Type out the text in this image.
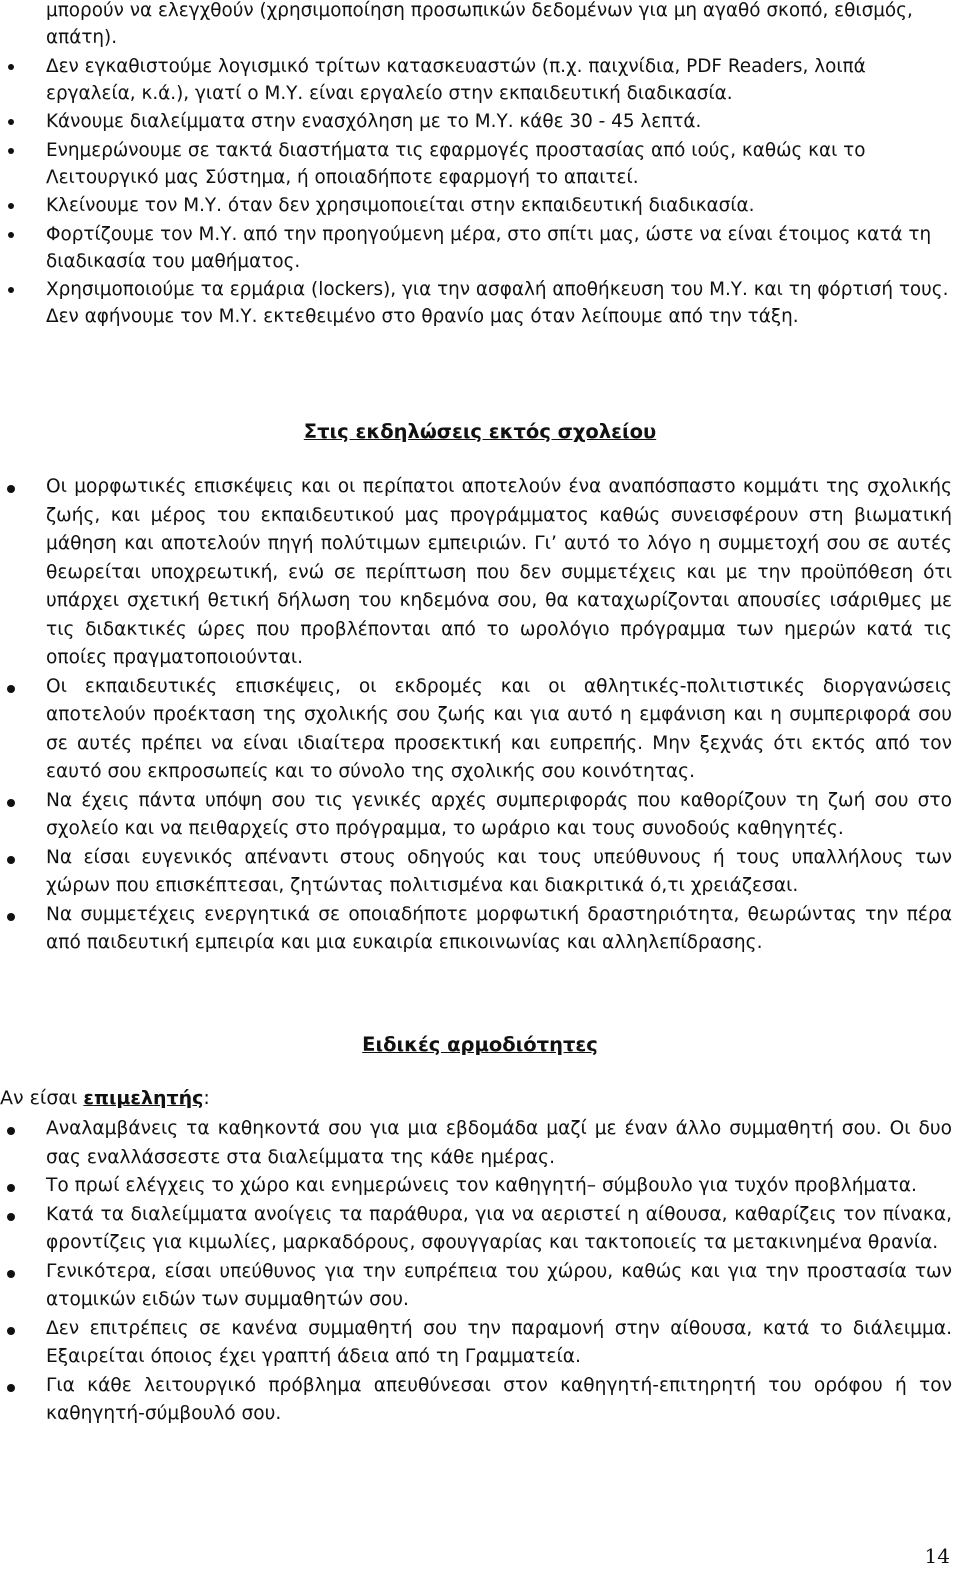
μπορούν να ελεγχθούν (χρησιμοποίηση προσωπικών δεδομένων για μη αγαθό σκοπό, εθισμός, απάτη).
Δεν εγκαθιστούμε λογισμικό τρίτων κατασκευαστών (π.χ. παιχνίδια, PDF Readers, λοιπά εργαλεία, κ.ά.), γιατί ο Μ.Υ. είναι εργαλείο στην εκπαιδευτική διαδικασία.
Κάνουμε διαλείμματα στην ενασχόληση με το Μ.Υ. κάθε 30 - 45 λεπτά.
Ενημερώνουμε σε τακτά διαστήματα τις εφαρμογές προστασίας από ιούς, καθώς και το Λειτουργικό μας Σύστημα, ή οποιαδήποτε εφαρμογή το απαιτεί.
Κλείνουμε τον Μ.Υ. όταν δεν χρησιμοποιείται στην εκπαιδευτική διαδικασία.
Φορτίζουμε τον Μ.Υ. από την προηγούμενη μέρα, στο σπίτι μας, ώστε να είναι έτοιμος κατά τη διαδικασία του μαθήματος.
Χρησιμοποιούμε τα ερμάρια (lockers), για την ασφαλή αποθήκευση του Μ.Υ. και τη φόρτισή τους. Δεν αφήνουμε τον Μ.Υ. εκτεθειμένο στο θρανίο μας όταν λείπουμε από την τάξη.
Στις εκδηλώσεις εκτός σχολείου
Οι μορφωτικές επισκέψεις και οι περίπατοι αποτελούν ένα αναπόσπαστο κομμάτι της σχολικής ζωής, και μέρος του εκπαιδευτικού μας προγράμματος καθώς συνεισφέρουν στη βιωματική μάθηση και αποτελούν πηγή πολύτιμων εμπειριών. Γι’ αυτό το λόγο η συμμετοχή σου σε αυτές θεωρείται υποχρεωτική, ενώ σε περίπτωση που δεν συμμετέχεις και με την προϋπόθεση ότι υπάρχει σχετική θετική δήλωση του κηδεμόνα σου, θα καταχωρίζονται απουσίες ισάριθμες με τις διδακτικές ώρες που προβλέπονται από το ωρολόγιο πρόγραμμα των ημερών κατά τις οποίες πραγματοποιούνται.
Οι εκπαιδευτικές επισκέψεις, οι εκδρομές και οι αθλητικές-πολιτιστικές διοργανώσεις αποτελούν προέκταση της σχολικής σου ζωής και για αυτό η εμφάνιση και η συμπεριφορά σου σε αυτές πρέπει να είναι ιδιαίτερα προσεκτική και ευπρεπής. Μην ξεχνάς ότι εκτός από τον εαυτό σου εκπροσωπείς και το σύνολο της σχολικής σου κοινότητας.
Να έχεις πάντα υπόψη σου τις γενικές αρχές συμπεριφοράς που καθορίζουν τη ζωή σου στο σχολείο και να πειθαρχείς στο πρόγραμμα, το ωράριο και τους συνοδούς καθηγητές.
Να είσαι ευγενικός απέναντι στους οδηγούς και τους υπεύθυνους ή τους υπαλλήλους των χώρων που επισκέπτεσαι, ζητώντας πολιτισμένα και διακριτικά ό,τι χρειάζεσαι.
Να συμμετέχεις ενεργητικά σε οποιαδήποτε μορφωτική δραστηριότητα, θεωρώντας την πέρα από παιδευτική εμπειρία και μια ευκαιρία επικοινωνίας και αλληλεπίδρασης.
Ειδικές αρμοδιότητες
Αν είσαι επιμελητής:
Αναλαμβάνεις τα καθηκοντά σου για μια εβδομάδα μαζί με έναν άλλο συμμαθητή σου. Οι δυο σας εναλλάσσεστε στα διαλείμματα της κάθε ημέρας.
Το πρωί ελέγχεις το χώρο και ενημερώνεις τον καθηγητή– σύμβουλο για τυχόν προβλήματα.
Κατά τα διαλείμματα ανοίγεις τα παράθυρα, για να αεριστεί η αίθουσα, καθαρίζεις τον πίνακα, φροντίζεις για κιμωλίες, μαρκαδόρους, σφουγγαρίας και τακτοποιείς τα μετακινημένα θρανία.
Γενικότερα, είσαι υπεύθυνος για την ευπρέπεια του χώρου, καθώς και για την προστασία των ατομικών ειδών των συμμαθητών σου.
Δεν επιτρέπεις σε κανένα συμμαθητή σου την παραμονή στην αίθουσα, κατά το διάλειμμα. Εξαιρείται όποιος έχει γραπτή άδεια από τη Γραμματεία.
Για κάθε λειτουργικό πρόβλημα απευθύνεσαι στον καθηγητή-επιτηρητή του ορόφου ή τον καθηγητή-σύμβουλό σου.
14
